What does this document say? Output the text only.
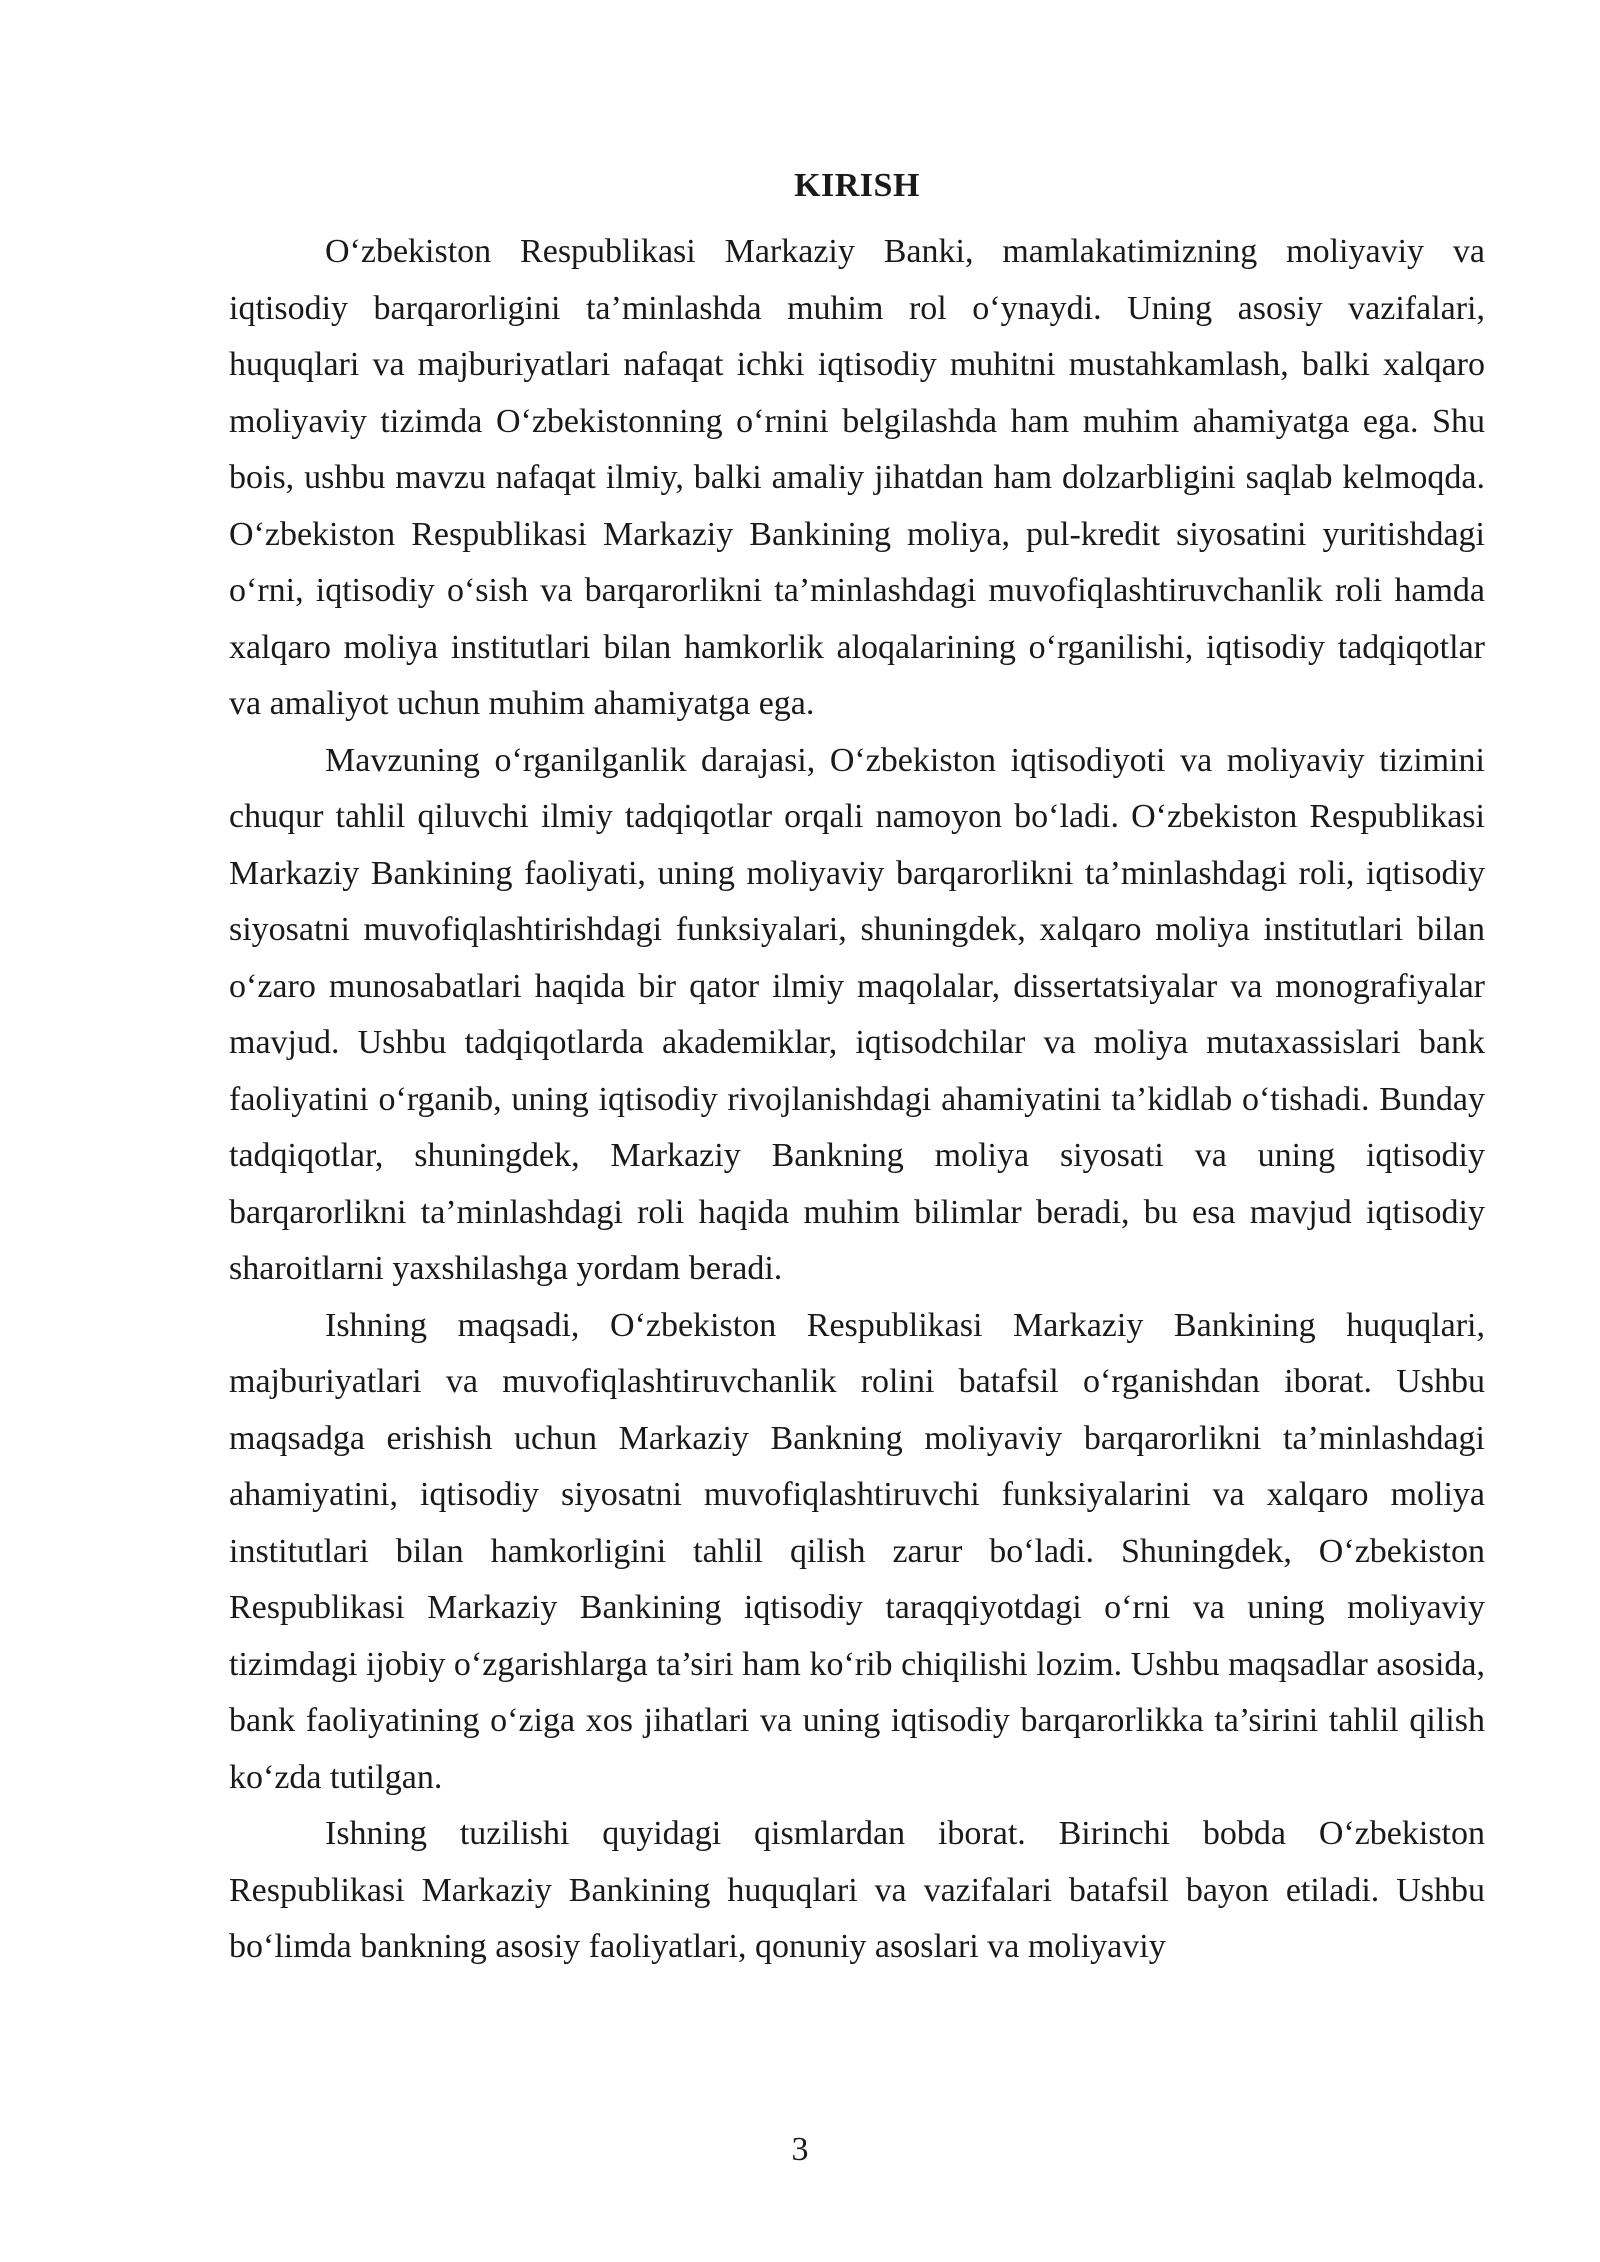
KIRISH

O‘zbekiston Respublikasi Markaziy Banki, mamlakatimizning moliyaviy va iqtisodiy barqarorligini ta’minlashda muhim rol o‘ynaydi. Uning asosiy vazifalari, huquqlari va majburiyatlari nafaqat ichki iqtisodiy muhitni mustahkamlash, balki xalqaro moliyaviy tizimda O‘zbekistonning o‘rnini belgilashda ham muhim ahamiyatga ega. Shu bois, ushbu mavzu nafaqat ilmiy, balki amaliy jihatdan ham dolzarbligini saqlab kelmoqda. O‘zbekiston Respublikasi Markaziy Bankining moliya, pul-kredit siyosatini yuritishdagi o‘rni, iqtisodiy o‘sish va barqarorlikni ta’minlashdagi muvofiqlashtiruvchanlik roli hamda xalqaro moliya institutlari bilan hamkorlik aloqalarining o‘rganilishi, iqtisodiy tadqiqotlar va amaliyot uchun muhim ahamiyatga ega.

Mavzuning o‘rganilganlik darajasi, O‘zbekiston iqtisodiyoti va moliyaviy tizimini chuqur tahlil qiluvchi ilmiy tadqiqotlar orqali namoyon bo‘ladi. O‘zbekiston Respublikasi Markaziy Bankining faoliyati, uning moliyaviy barqarorlikni ta’minlashdagi roli, iqtisodiy siyosatni muvofiqlashtirishdagi funksiyalari, shuningdek, xalqaro moliya institutlari bilan o‘zaro munosabatlari haqida bir qator ilmiy maqolalar, dissertatsiyalar va monografiyalar mavjud. Ushbu tadqiqotlarda akademiklar, iqtisodchilar va moliya mutaxassislari bank faoliyatini o‘rganib, uning iqtisodiy rivojlanishdagi ahamiyatini ta’kidlab o‘tishadi. Bunday tadqiqotlar, shuningdek, Markaziy Bankning moliya siyosati va uning iqtisodiy barqarorlikni ta’minlashdagi roli haqida muhim bilimlar beradi, bu esa mavjud iqtisodiy sharoitlarni yaxshilashga yordam beradi.

Ishning maqsadi, O‘zbekiston Respublikasi Markaziy Bankining huquqlari, majburiyatlari va muvofiqlashtiruvchanlik rolini batafsil o‘rganishdan iborat. Ushbu maqsadga erishish uchun Markaziy Bankning moliyaviy barqarorlikni ta’minlashdagi ahamiyatini, iqtisodiy siyosatni muvofiqlashtiruvchi funksiyalarini va xalqaro moliya institutlari bilan hamkorligini tahlil qilish zarur bo‘ladi. Shuningdek, O‘zbekiston Respublikasi Markaziy Bankining iqtisodiy taraqqiyotdagi o‘rni va uning moliyaviy tizimdagi ijobiy o‘zgarishlarga ta’siri ham ko‘rib chiqilishi lozim. Ushbu maqsadlar asosida, bank faoliyatining o‘ziga xos jihatlari va uning iqtisodiy barqarorlikka ta’sirini tahlil qilish ko‘zda tutilgan.

Ishning tuzilishi quyidagi qismlardan iborat. Birinchi bobda O‘zbekiston Respublikasi Markaziy Bankining huquqlari va vazifalari batafsil bayon etiladi. Ushbu bo‘limda bankning asosiy faoliyatlari, qonuniy asoslari va moliyaviy

3
